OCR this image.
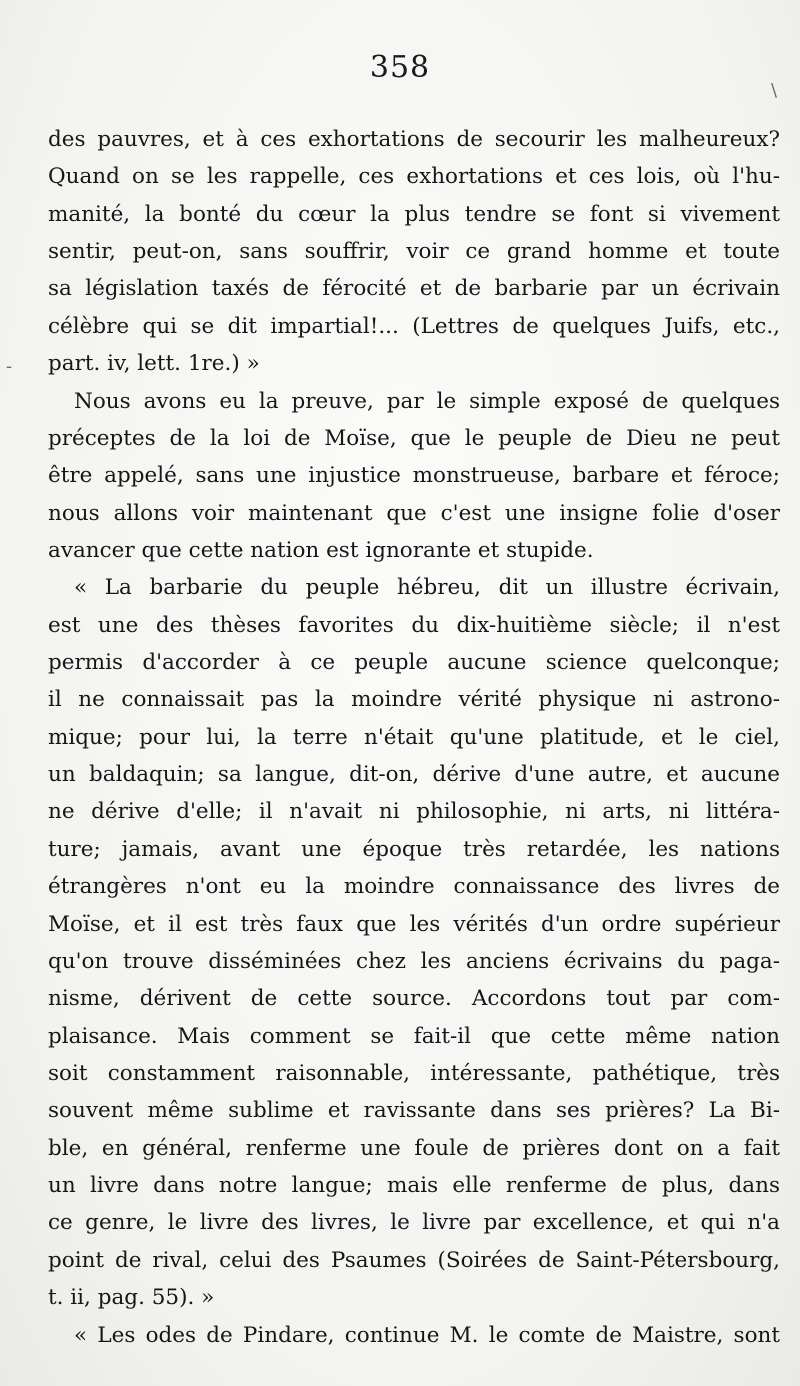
358
\
-
des pauvres, et à ces exhortations de secourir les malheureux?
Quand on se les rappelle, ces exhortations et ces lois, où l'hu-
manité, la bonté du cœur la plus tendre se font si vivement
sentir, peut-on, sans souffrir, voir ce grand homme et toute
sa législation taxés de férocité et de barbarie par un écrivain
célèbre qui se dit impartial!... (Lettres de quelques Juifs, etc.,
part. iv, lett. 1re.) »
Nous avons eu la preuve, par le simple exposé de quelques
préceptes de la loi de Moïse, que le peuple de Dieu ne peut
être appelé, sans une injustice monstrueuse, barbare et féroce;
nous allons voir maintenant que c'est une insigne folie d'oser
avancer que cette nation est ignorante et stupide.
« La barbarie du peuple hébreu, dit un illustre écrivain,
est une des thèses favorites du dix-huitième siècle; il n'est
permis d'accorder à ce peuple aucune science quelconque;
il ne connaissait pas la moindre vérité physique ni astrono-
mique; pour lui, la terre n'était qu'une platitude, et le ciel,
un baldaquin; sa langue, dit-on, dérive d'une autre, et aucune
ne dérive d'elle; il n'avait ni philosophie, ni arts, ni littéra-
ture; jamais, avant une époque très retardée, les nations
étrangères n'ont eu la moindre connaissance des livres de
Moïse, et il est très faux que les vérités d'un ordre supérieur
qu'on trouve disséminées chez les anciens écrivains du paga-
nisme, dérivent de cette source. Accordons tout par com-
plaisance. Mais comment se fait-il que cette même nation
soit constamment raisonnable, intéressante, pathétique, très
souvent même sublime et ravissante dans ses prières? La Bi-
ble, en général, renferme une foule de prières dont on a fait
un livre dans notre langue; mais elle renferme de plus, dans
ce genre, le livre des livres, le livre par excellence, et qui n'a
point de rival, celui des Psaumes (Soirées de Saint-Pétersbourg,
t. ii, pag. 55). »
« Les odes de Pindare, continue M. le comte de Maistre, sont
